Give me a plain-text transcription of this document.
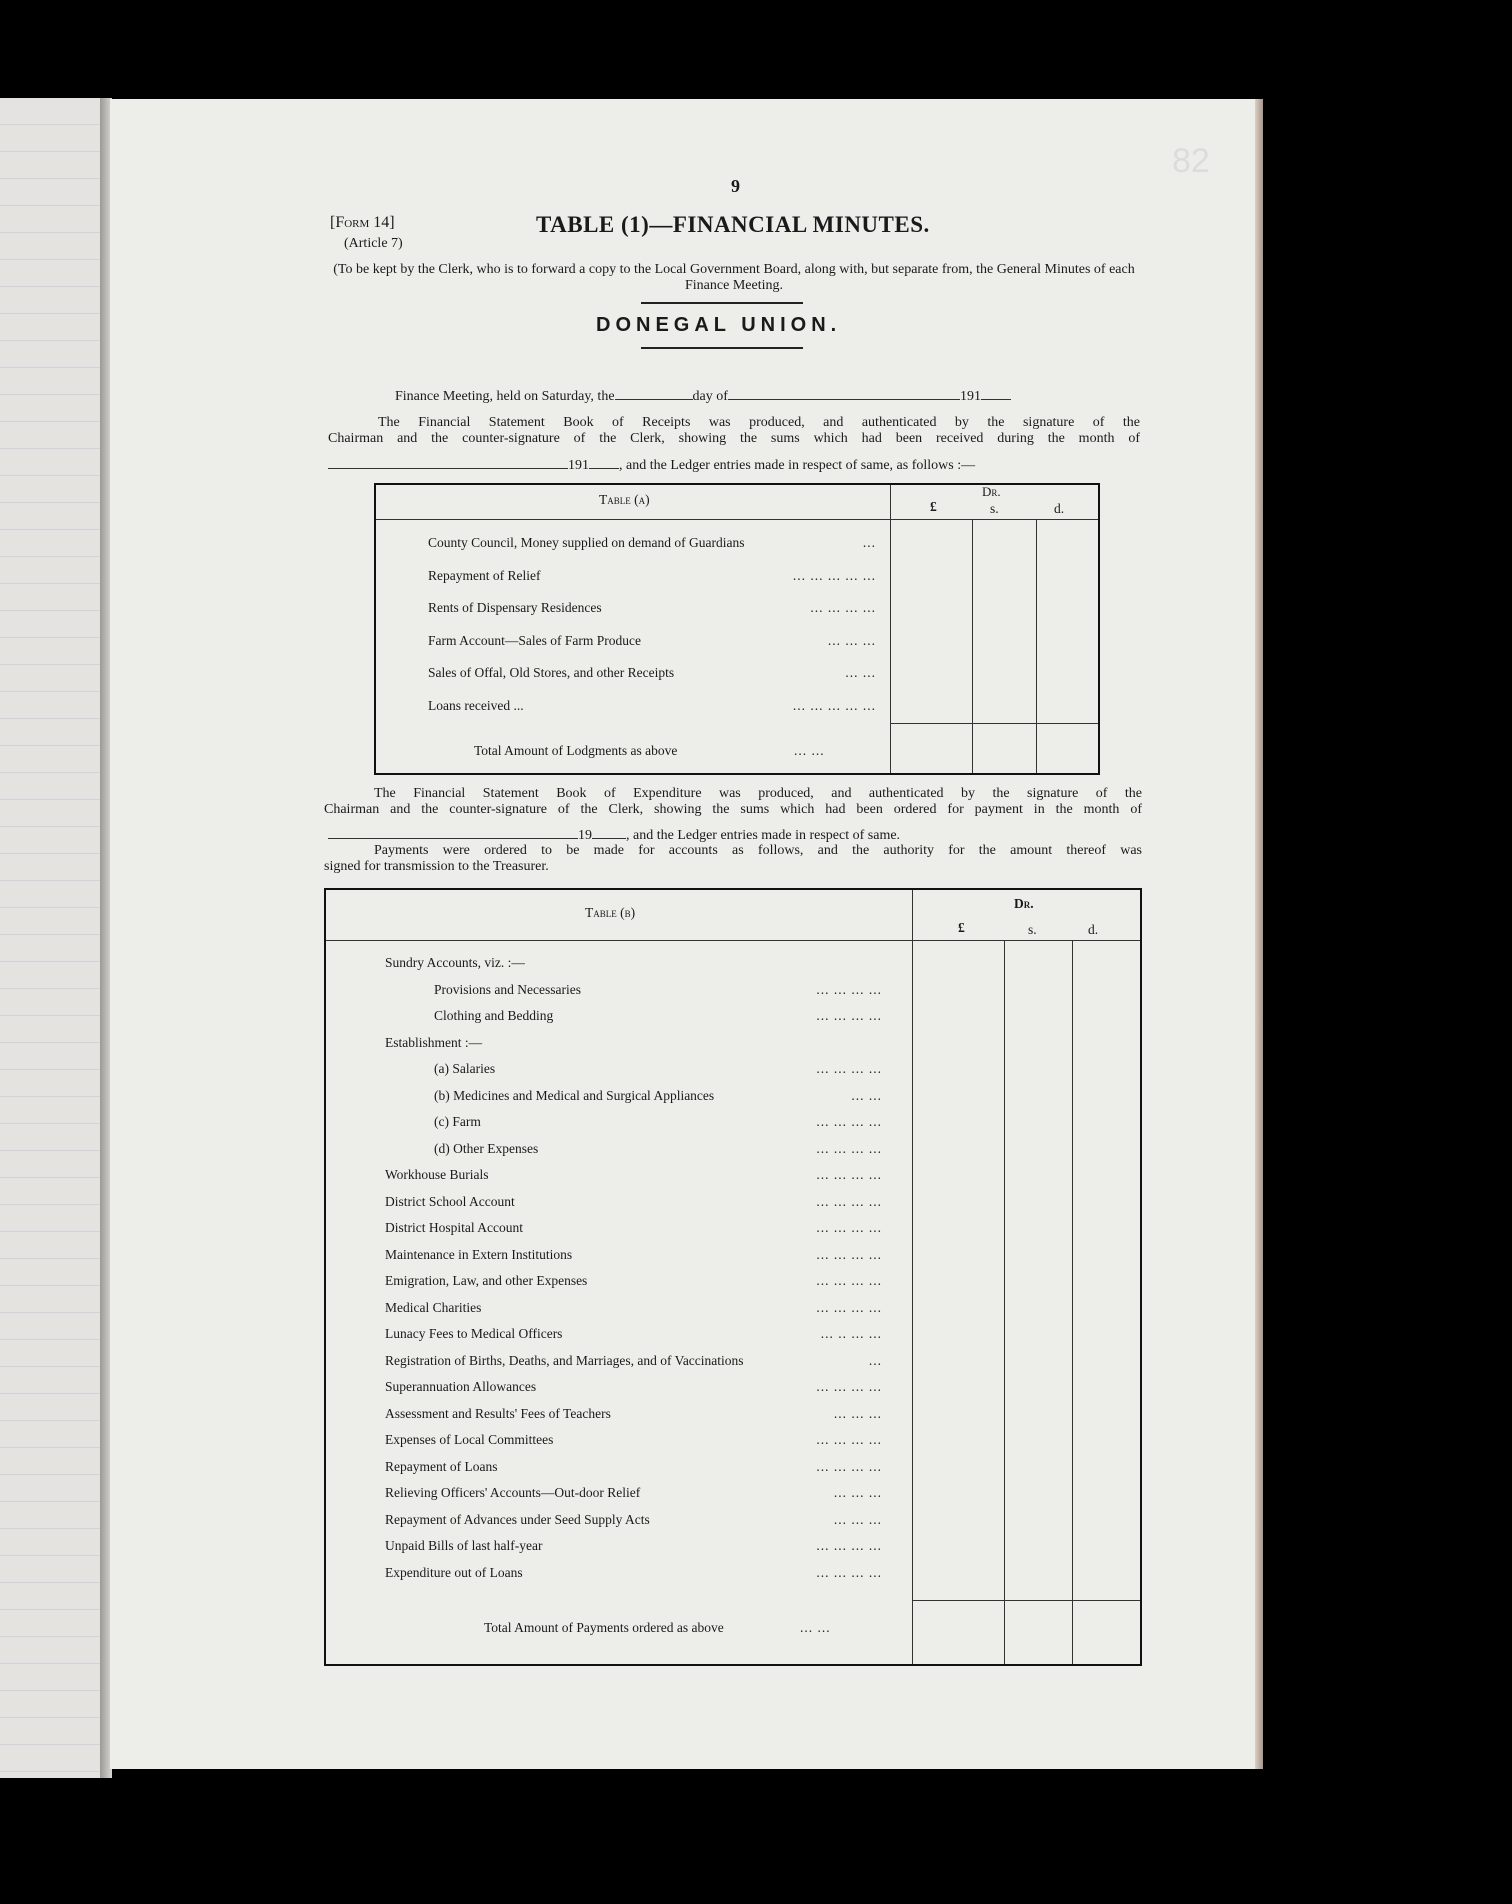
82
9
[Form 14]
(Article 7)
TABLE (1)—FINANCIAL MINUTES.
(To be kept by the Clerk, who is to forward a copy to the Local Government Board, along with, but separate from, the General Minutes of each Finance Meeting.
DONEGAL UNION.
Finance Meeting, held on Saturday, the	day of	191
The Financial Statement Book of Receipts was produced, and authenticated by the signature of the
Chairman and the counter-signature of the Clerk, showing the sums which had been received during the month of
191 , and the Ledger entries made in respect of same, as follows :—
Table (a)
Dr.
£	s.	d.
County Council, Money supplied on demand of Guardians	...
Repayment of Relief	... ... ... ... ...
Rents of Dispensary Residences	... ... ... ...
Farm Account—Sales of Farm Produce	... ... ...
Sales of Offal, Old Stores, and other Receipts	... ...
Loans received ...	... ... ... ... ...
Total Amount of Lodgments as above	... ...
The Financial Statement Book of Expenditure was produced, and authenticated by the signature of the
Chairman and the counter-signature of the Clerk, showing the sums which had been ordered for payment in the month of
19 , and the Ledger entries made in respect of same.
Payments were ordered to be made for accounts as follows, and the authority for the amount thereof was
signed for transmission to the Treasurer.
Table (b)
Dr.
£	s.	d.
Sundry Accounts, viz. :—
Provisions and Necessaries	... ... ... ...
Clothing and Bedding	... ... ... ...
Establishment :—
(a) Salaries	... ... ... ...
(b) Medicines and Medical and Surgical Appliances	... ...
(c) Farm	... ... ... ...
(d) Other Expenses	... ... ... ...
Workhouse Burials	... ... ... ...
District School Account	... ... ... ...
District Hospital Account	... ... ... ...
Maintenance in Extern Institutions	... ... ... ...
Emigration, Law, and other Expenses	... ... ... ...
Medical Charities	... ... ... ...
Lunacy Fees to Medical Officers	... .. ... ...
Registration of Births, Deaths, and Marriages, and of Vaccinations	...
Superannuation Allowances	... ... ... ...
Assessment and Results' Fees of Teachers	... ... ...
Expenses of Local Committees	... ... ... ...
Repayment of Loans	... ... ... ...
Relieving Officers' Accounts—Out-door Relief	... ... ...
Repayment of Advances under Seed Supply Acts	... ... ...
Unpaid Bills of last half-year	... ... ... ...
Expenditure out of Loans	... ... ... ...
Total Amount of Payments ordered as above	... ...
